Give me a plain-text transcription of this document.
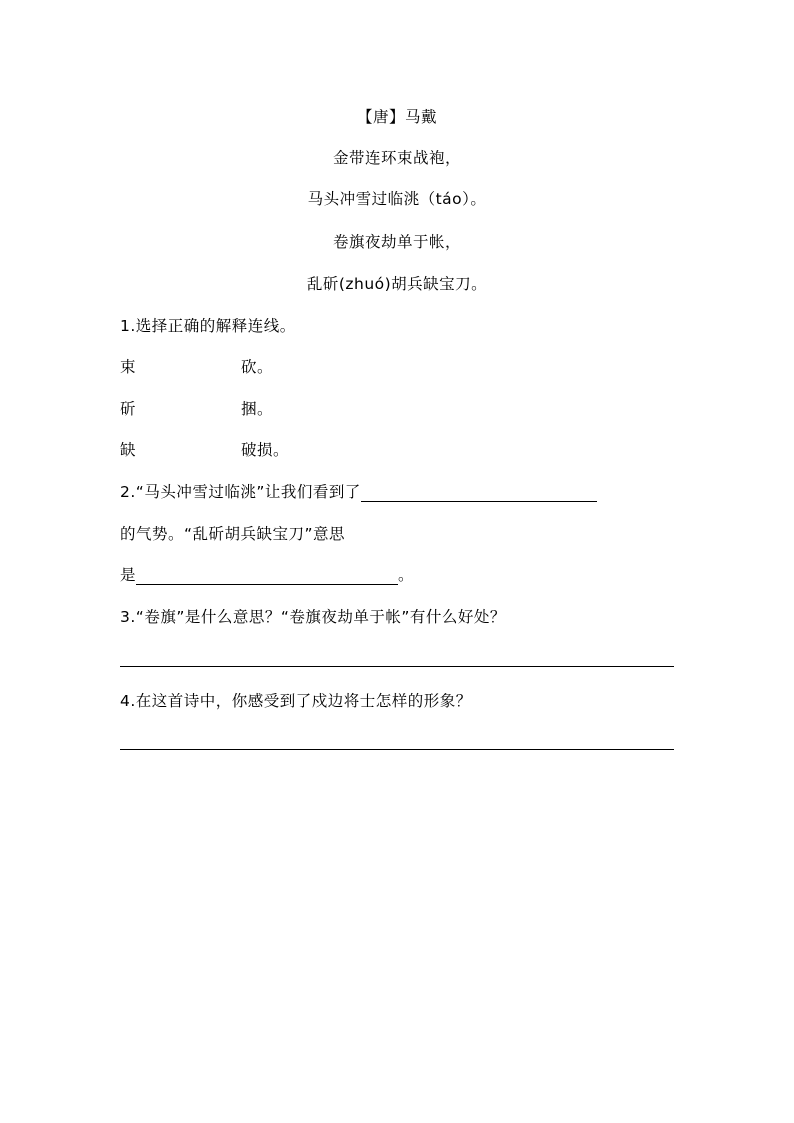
【唐】马戴
金带连环束战袍，
马头冲雪过临洮（táo）。
卷旗夜劫单于帐，
乱斫(zhuó)胡兵缺宝刀。
1.选择正确的解释连线。
束	砍。
斫	捆。
缺	破损。
2.“马头冲雪过临洮”让我们看到了
的气势。“乱斫胡兵缺宝刀”意思
是	。
3.“卷旗”是什么意思？“卷旗夜劫单于帐”有什么好处？
4.在这首诗中，你感受到了戍边将士怎样的形象？
